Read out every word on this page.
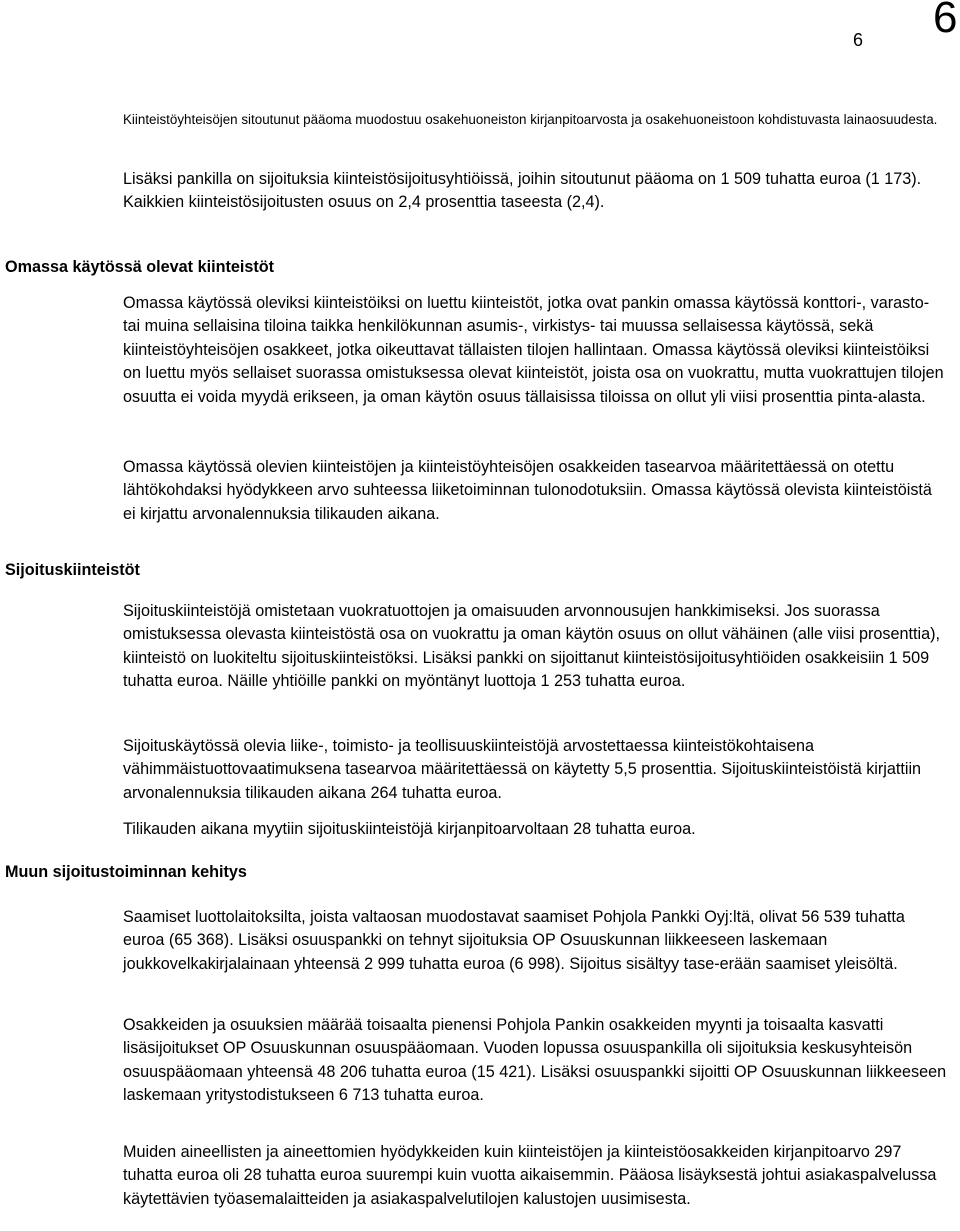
6 6

Kiinteistöyhteisöjen sitoutunut pääoma muodostuu osakehuoneiston kirjanpitoarvosta ja osakehuoneistoon kohdistuvasta lainaosuudesta.

Lisäksi pankilla on sijoituksia kiinteistösijoitusyhtiöissä, joihin sitoutunut pääoma on 1 509 tuhatta euroa (1 173). Kaikkien kiinteistösijoitusten osuus on 2,4 prosenttia taseesta (2,4).

Omassa käytössä olevat kiinteistöt

Omassa käytössä oleviksi kiinteistöiksi on luettu kiinteistöt, jotka ovat pankin omassa käytössä konttori-, varasto- tai muina sellaisina tiloina taikka henkilökunnan asumis-, virkistys- tai muussa sellaisessa käytössä, sekä kiinteistöyhteisöjen osakkeet, jotka oikeuttavat tällaisten tilojen hallintaan. Omassa käytössä oleviksi kiinteistöiksi on luettu myös sellaiset suorassa omistuksessa olevat kiinteistöt, joista osa on vuokrattu, mutta vuokrattujen tilojen osuutta ei voida myydä erikseen, ja oman käytön osuus tällaisissa tiloissa on ollut yli viisi prosenttia pinta-alasta.

Omassa käytössä olevien kiinteistöjen ja kiinteistöyhteisöjen osakkeiden tasearvoa määritettäessä on otettu lähtökohdaksi hyödykkeen arvo suhteessa liiketoiminnan tulonodotuksiin. Omassa käytössä olevista kiinteistöistä ei kirjattu arvonalennuksia tilikauden aikana.

Sijoituskiinteistöt

Sijoituskiinteistöjä omistetaan vuokratuottojen ja omaisuuden arvonnousujen hankkimiseksi. Jos suorassa omistuksessa olevasta kiinteistöstä osa on vuokrattu ja oman käytön osuus on ollut vähäinen (alle viisi prosenttia), kiinteistö on luokiteltu sijoituskiinteistöksi. Lisäksi pankki on sijoittanut kiinteistösijoitusyhtiöiden osakkeisiin 1 509 tuhatta euroa. Näille yhtiöille pankki on myöntänyt luottoja 1 253 tuhatta euroa.

Sijoituskäytössä olevia liike-, toimisto- ja teollisuuskiinteistöjä arvostettaessa kiinteistökohtaisena vähimmäistuottovaatimuksena tasearvoa määritettäessä on käytetty 5,5 prosenttia. Sijoituskiinteistöistä kirjattiin arvonalennuksia tilikauden aikana 264 tuhatta euroa.

Tilikauden aikana myytiin sijoituskiinteistöjä kirjanpitoarvoltaan 28 tuhatta euroa.

Muun sijoitustoiminnan kehitys

Saamiset luottolaitoksilta, joista valtaosan muodostavat saamiset Pohjola Pankki Oyj:ltä, olivat 56 539 tuhatta euroa (65 368). Lisäksi osuuspankki on tehnyt sijoituksia OP Osuuskunnan liikkeeseen laskemaan joukkovelkakirjalainaan yhteensä 2 999 tuhatta euroa (6 998). Sijoitus sisältyy tase-erään saamiset yleisöltä.

Osakkeiden ja osuuksien määrää toisaalta pienensi Pohjola Pankin osakkeiden myynti ja toisaalta kasvatti lisäsijoitukset OP Osuuskunnan osuuspääomaan. Vuoden lopussa osuuspankilla oli sijoituksia keskusyhteisön osuuspääomaan yhteensä 48 206 tuhatta euroa (15 421). Lisäksi osuuspankki sijoitti OP Osuuskunnan liikkeeseen laskemaan yritystodistukseen 6 713 tuhatta euroa.

Muiden aineellisten ja aineettomien hyödykkeiden kuin kiinteistöjen ja kiinteistöosakkeiden kirjanpitoarvo 297 tuhatta euroa oli 28 tuhatta euroa suurempi kuin vuotta aikaisemmin. Pääosa lisäyksestä johtui asiakaspalvelussa käytettävien työasemalaitteiden ja asiakaspalvelutilojen kalustojen uusimisesta.
